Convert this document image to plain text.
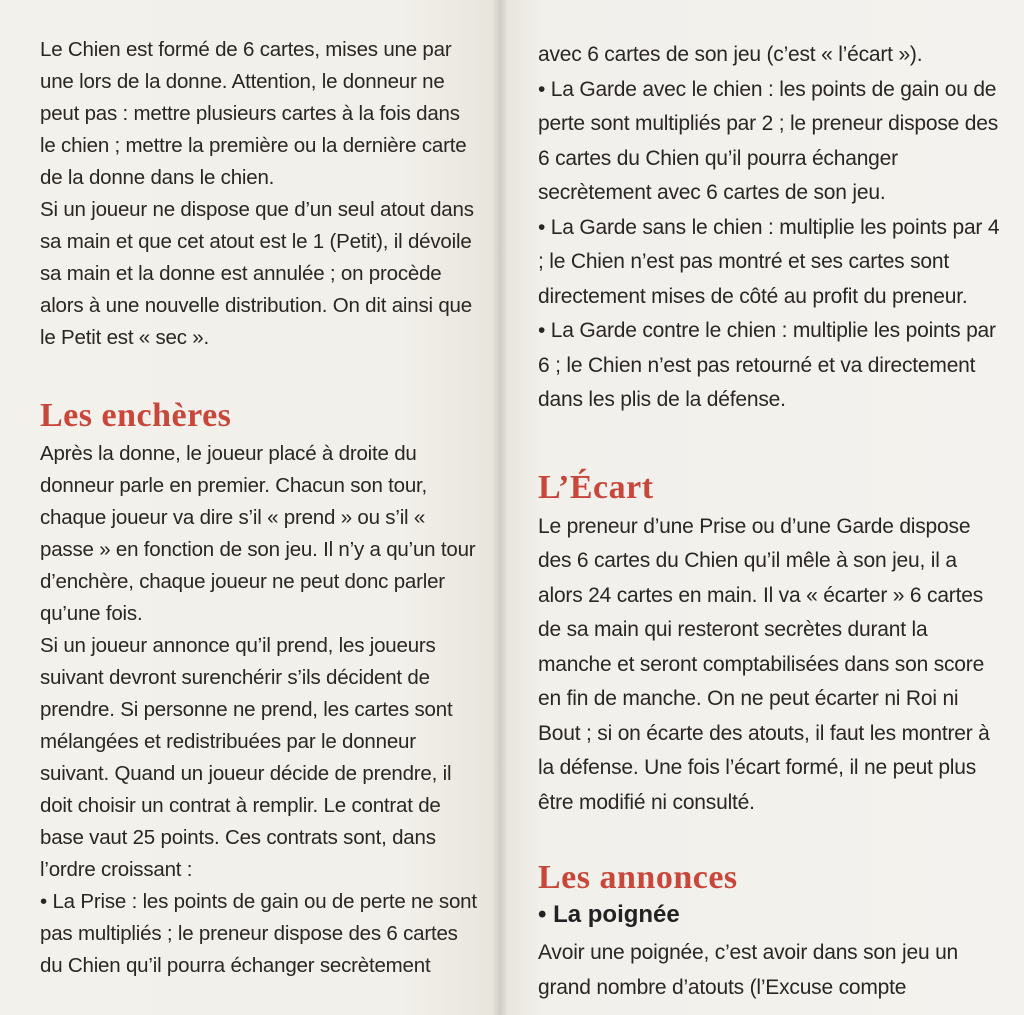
Le Chien est formé de 6 cartes, mises une par une lors de la donne. Attention, le donneur ne peut pas : mettre plusieurs cartes à la fois dans le chien ; mettre la première ou la dernière carte de la donne dans le chien.

Si un joueur ne dispose que d’un seul atout dans sa main et que cet atout est le 1 (Petit), il dévoile sa main et la donne est annulée ; on procède alors à une nouvelle distribution. On dit ainsi que le Petit est « sec ».

Les enchères

Après la donne, le joueur placé à droite du donneur parle en premier. Chacun son tour, chaque joueur va dire s’il « prend » ou s’il « passe » en fonction de son jeu. Il n’y a qu’un tour d’enchère, chaque joueur ne peut donc parler qu’une fois.

Si un joueur annonce qu’il prend, les joueurs suivant devront surenchérir s’ils décident de prendre. Si personne ne prend, les cartes sont mélangées et redistribuées par le donneur suivant. Quand un joueur décide de prendre, il doit choisir un contrat à remplir. Le contrat de base vaut 25 points. Ces contrats sont, dans l’ordre croissant :

• La Prise : les points de gain ou de perte ne sont pas multipliés ; le preneur dispose des 6 cartes du Chien qu’il pourra échanger secrètement

avec 6 cartes de son jeu (c’est « l’écart »).

• La Garde avec le chien : les points de gain ou de perte sont multipliés par 2 ; le preneur dispose des 6 cartes du Chien qu’il pourra échanger secrètement avec 6 cartes de son jeu.

• La Garde sans le chien : multiplie les points par 4 ; le Chien n’est pas montré et ses cartes sont directement mises de côté au profit du preneur.

• La Garde contre le chien : multiplie les points par 6 ; le Chien n’est pas retourné et va directement dans les plis de la défense.

L’Écart

Le preneur d’une Prise ou d’une Garde dispose des 6 cartes du Chien qu’il mêle à son jeu, il a alors 24 cartes en main. Il va « écarter » 6 cartes de sa main qui resteront secrètes durant la manche et seront comptabilisées dans son score en fin de manche. On ne peut écarter ni Roi ni Bout ; si on écarte des atouts, il faut les montrer à la défense. Une fois l’écart formé, il ne peut plus être modifié ni consulté.

Les annonces

• La poignée

Avoir une poignée, c’est avoir dans son jeu un grand nombre d’atouts (l’Excuse compte
